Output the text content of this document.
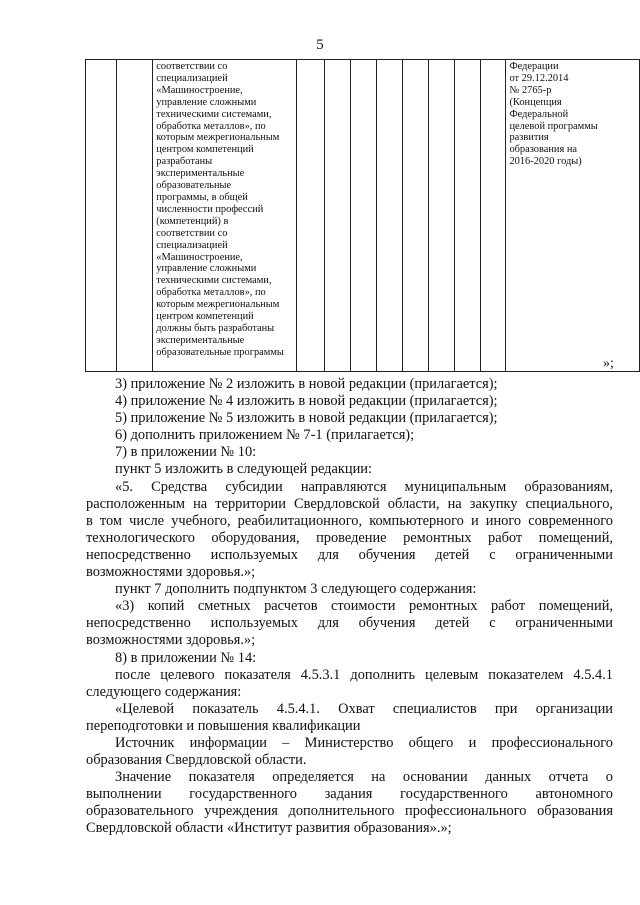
5

соответствии со
специализацией
«Машиностроение,
управление сложными
техническими системами,
обработка металлов», по
которым межрегиональным
центром компетенций
разработаны
экспериментальные
образовательные
программы, в общей
численности профессий
(компетенций) в
соответствии со
специализацией
«Машиностроение,
управление сложными
техническими системами,
обработка металлов», по
которым межрегиональным
центром компетенций
должны быть разработаны
экспериментальные
образовательные программы

Федерации
от 29.12.2014
№ 2765-р
(Концепция
Федеральной
целевой программы
развития
образования на
2016-2020 годы)
»;

3) приложение № 2 изложить в новой редакции (прилагается);

4) приложение № 4 изложить в новой редакции (прилагается);

5) приложение № 5 изложить в новой редакции (прилагается);

6) дополнить приложением № 7-1 (прилагается);

7) в приложении № 10:

пункт 5 изложить в следующей редакции:

«5. Средства субсидии направляются муниципальным образованиям,
расположенным на территории Свердловской области, на закупку специального,
в том числе учебного, реабилитационного, компьютерного и иного современного
технологического оборудования, проведение ремонтных работ помещений,
непосредственно используемых для обучения детей с ограниченными
возможностями здоровья.»;

пункт 7 дополнить подпунктом 3 следующего содержания:

«3) копий сметных расчетов стоимости ремонтных работ помещений,
непосредственно используемых для обучения детей с ограниченными
возможностями здоровья.»;

8) в приложении № 14:

после целевого показателя 4.5.3.1 дополнить целевым показателем 4.5.4.1
следующего содержания:

«Целевой показатель 4.5.4.1. Охват специалистов при организации
переподготовки и повышения квалификации

Источник информации – Министерство общего и профессионального
образования Свердловской области.

Значение показателя определяется на основании данных отчета о
выполнении государственного задания государственного автономного
образовательного учреждения дополнительного профессионального образования
Свердловской области «Институт развития образования».»;
